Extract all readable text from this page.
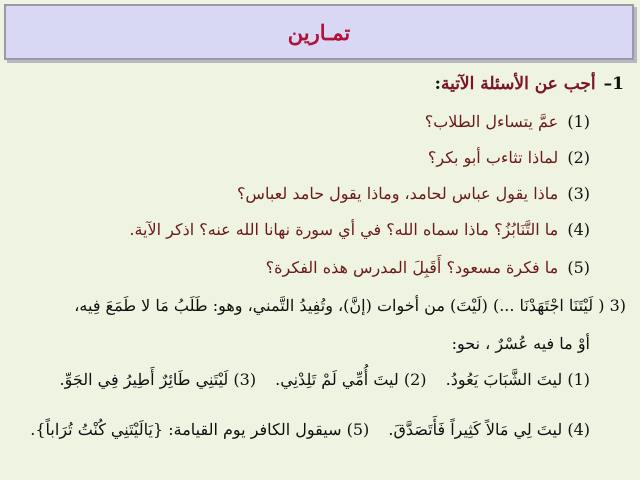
تمـارين
1–أجب عن الأسئلة الآتية:
(1) عمَّ يتساءل الطلاب؟
(2) لماذا تثاءب أبو بكر؟
(3) ماذا يقول عباس لحامد، وماذا يقول حامد لعباس؟
(4) ما التَّنَابُزُ؟ ماذا سماه الله؟ في أي سورة نهانا الله عنه؟ اذكر الآية.
(5) ما فكرة مسعود؟ أَقَبِلَ المدرس هذه الفكرة؟
(3 ( لَيْتَنَا اجْتَهَدْنَا ...) (لَيْتَ) من أخوات (إنَّ)، وتُفِيدُ التَّمني، وهو: طَلَبُ مَا لا طَمَعَ فِيه،
أوْ ما فيه عُسْرٌ ، نحو:
(1) ليتَ الشَّبَابَ يَعُودُ. (2) ليتَ أُمِّي لَمْ تَلِدْنِي. (3) لَيْتَنِي طَائِرٌ أَطِيرُ فِي الجَوِّ.
(4) ليتَ لِي مَالاً كَثِيراً فَأَتَصَدَّقَ. (5) سيقول الكافر يوم القيامة: {يَالَيْتَنِي كُنْتُ تُرَاباً}.
